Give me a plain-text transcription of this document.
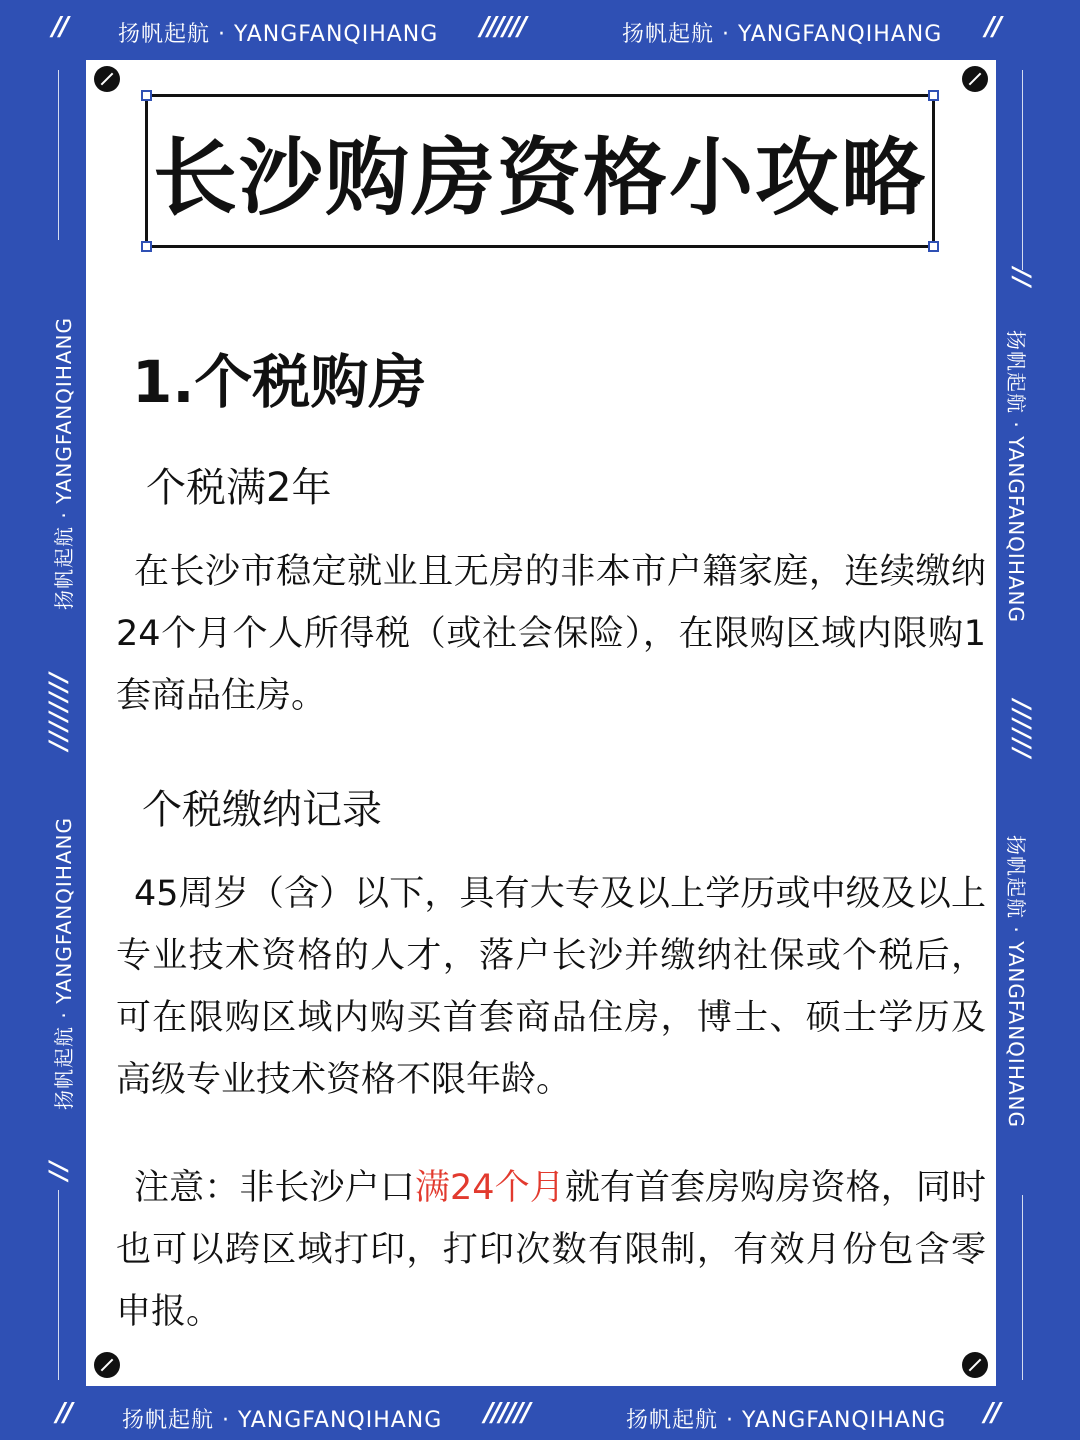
// 扬帆起航 · YANGFANQIHANG //////	扬帆起航 · YANGFANQIHANG //
// 扬帆起航 · YANGFANQIHANG //////	扬帆起航 · YANGFANQIHANG //
扬帆起航 · YANGFANQIHANG
////////
扬帆起航 · YANGFANQIHANG
//
//
扬帆起航 · YANGFANQIHANG
//////
扬帆起航 · YANGFANQIHANG
长沙购房资格小攻略
1.个税购房
个税满2年
在长沙市稳定就业且无房的非本市户籍家庭，连续缴纳24个月个人所得税（或社会保险），在限购区域内限购1套商品住房。
个税缴纳记录
45周岁（含）以下，具有大专及以上学历或中级及以上专业技术资格的人才，落户长沙并缴纳社保或个税后，可在限购区域内购买首套商品住房，博士、硕士学历及高级专业技术资格不限年龄。
注意：非长沙户口满24个月就有首套房购房资格，同时也可以跨区域打印，打印次数有限制，有效月份包含零申报。
